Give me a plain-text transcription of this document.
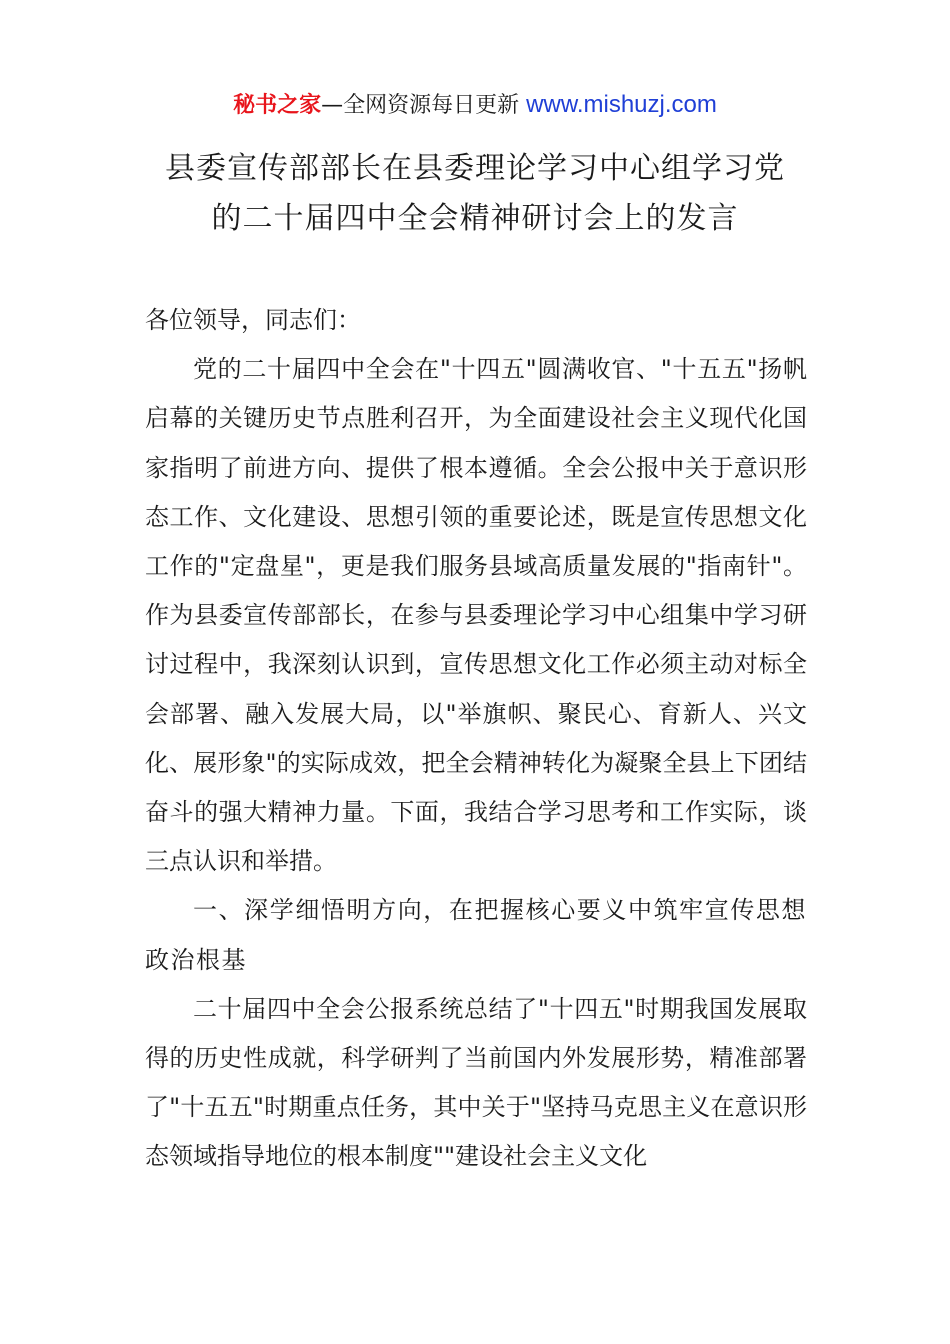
秘书之家—全网资源每日更新 www.mishuzj.com
县委宣传部部长在县委理论学习中心组学习党
的二十届四中全会精神研讨会上的发言

各位领导，同志们：

党的二十届四中全会在"十四五"圆满收官、"十五五"扬帆启幕的关键历史节点胜利召开，为全面建设社会主义现代化国家指明了前进方向、提供了根本遵循。全会公报中关于意识形态工作、文化建设、思想引领的重要论述，既是宣传思想文化工作的"定盘星"，更是我们服务县域高质量发展的"指南针"。作为县委宣传部部长，在参与县委理论学习中心组集中学习研讨过程中，我深刻认识到，宣传思想文化工作必须主动对标全会部署、融入发展大局，以"举旗帜、聚民心、育新人、兴文化、展形象"的实际成效，把全会精神转化为凝聚全县上下团结奋斗的强大精神力量。下面，我结合学习思考和工作实际，谈三点认识和举措。

一、深学细悟明方向，在把握核心要义中筑牢宣传思想政治根基

二十届四中全会公报系统总结了"十四五"时期我国发展取得的历史性成就，科学研判了当前国内外发展形势，精准部署了"十五五"时期重点任务，其中关于"坚持马克思主义在意识形态领域指导地位的根本制度""建设社会主义文化
